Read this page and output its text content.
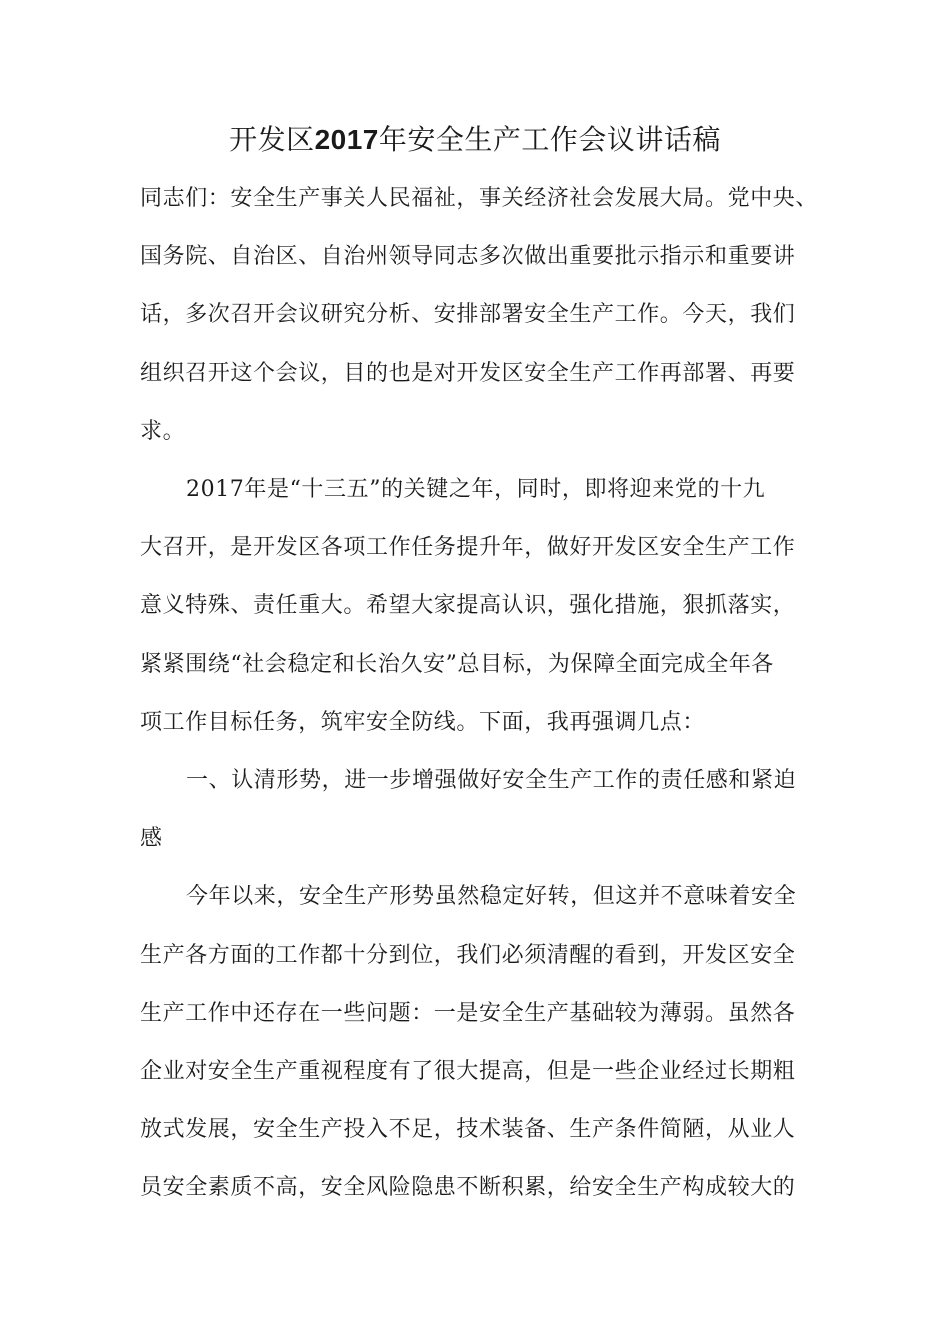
开发区2017年安全生产工作会议讲话稿
同志们：安全生产事关人民福祉，事关经济社会发展大局。党中央、
国务院、自治区、自治州领导同志多次做出重要批示指示和重要讲
话，多次召开会议研究分析、安排部署安全生产工作。今天，我们
组织召开这个会议，目的也是对开发区安全生产工作再部署、再要
求。
2017年是“十三五”的关键之年，同时，即将迎来党的十九
大召开，是开发区各项工作任务提升年，做好开发区安全生产工作
意义特殊、责任重大。希望大家提高认识，强化措施，狠抓落实，
紧紧围绕“社会稳定和长治久安”总目标，为保障全面完成全年各
项工作目标任务，筑牢安全防线。下面，我再强调几点：
一、认清形势，进一步增强做好安全生产工作的责任感和紧迫
感
今年以来，安全生产形势虽然稳定好转，但这并不意味着安全
生产各方面的工作都十分到位，我们必须清醒的看到，开发区安全
生产工作中还存在一些问题：一是安全生产基础较为薄弱。虽然各
企业对安全生产重视程度有了很大提高，但是一些企业经过长期粗
放式发展，安全生产投入不足，技术装备、生产条件简陋，从业人
员安全素质不高，安全风险隐患不断积累，给安全生产构成较大的
